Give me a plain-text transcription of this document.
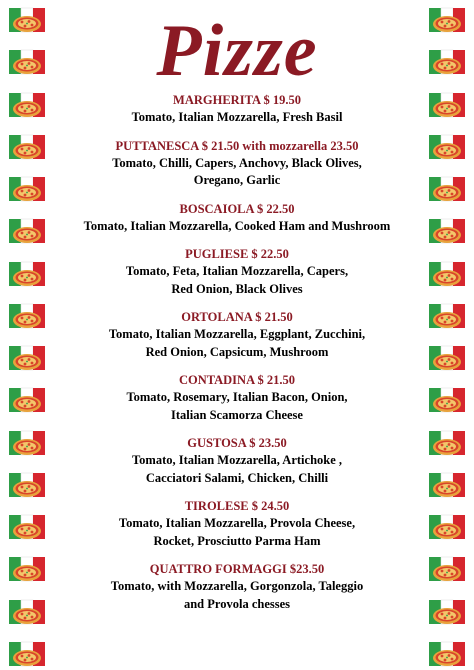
Pizze

MARGHERITA $ 19.50

Tomato, Italian Mozzarella, Fresh Basil

PUTTANESCA $ 21.50 with mozzarella 23.50

Tomato, Chilli, Capers, Anchovy, Black Olives,

Oregano, Garlic

BOSCAIOLA $ 22.50

Tomato, Italian Mozzarella, Cooked Ham and Mushroom

PUGLIESE $ 22.50

Tomato, Feta, Italian Mozzarella, Capers,

Red Onion, Black Olives

ORTOLANA $ 21.50

Tomato, Italian Mozzarella, Eggplant, Zucchini,

Red Onion, Capsicum, Mushroom

CONTADINA $ 21.50

Tomato, Rosemary, Italian Bacon, Onion,

Italian Scamorza Cheese

GUSTOSA $ 23.50

Tomato, Italian Mozzarella, Artichoke ,

Cacciatori Salami, Chicken, Chilli

TIROLESE $ 24.50

Tomato, Italian Mozzarella, Provola Cheese,

Rocket, Prosciutto Parma Ham

QUATTRO FORMAGGI $23.50

Tomato, with Mozzarella, Gorgonzola, Taleggio

and Provola chesses
